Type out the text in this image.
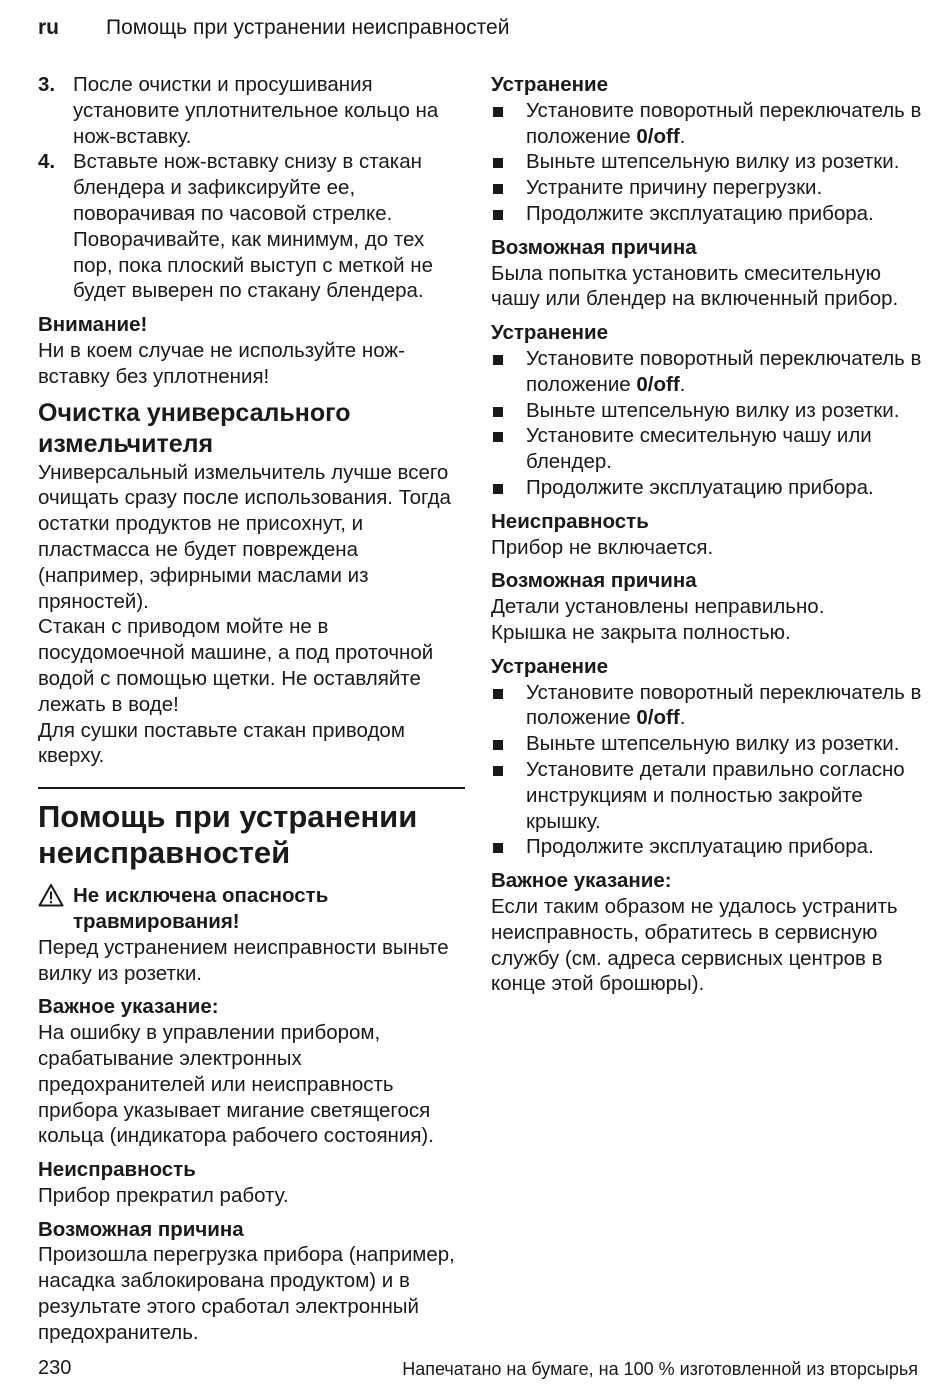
ru Помощь при устранении неисправностей
3. После очистки и просушивания установите уплотнительное кольцо на нож-вставку.
4. Вставьте нож-вставку снизу в стакан блендера и зафиксируйте ее, поворачивая по часовой стрелке. Поворачивайте, как минимум, до тех пор, пока плоский выступ с меткой не будет выверен по стакану блендера.

Внимание!

Ни в коем случае не используйте нож-вставку без уплотнения!

Очистка универсального измельчителя

Универсальный измельчитель лучше всего очищать сразу после использования. Тогда остатки продуктов не присохнут, и пластмасса не будет повреждена (например, эфирными маслами из пряностей).

Стакан с приводом мойте не в посудомоечной машине, а под проточной водой с помощью щетки. Не оставляйте лежать в воде!

Для сушки поставьте стакан приводом кверху.

Помощь при устранении неисправностей

Не исключена опасность травмирования!

Перед устранением неисправности выньте вилку из розетки.

Важное указание:

На ошибку в управлении прибором, срабатывание электронных предохранителей или неисправность прибора указывает мигание светящегося кольца (индикатора рабочего состояния).

Неисправность

Прибор прекратил работу.

Возможная причина

Произошла перегрузка прибора (например, насадка заблокирована продуктом) и в результате этого сработал электронный предохранитель.

Устранение

Установите поворотный переключатель в положение 0/off.
Выньте штепсельную вилку из розетки.
Устраните причину перегрузки.
Продолжите эксплуатацию прибора.

Возможная причина

Была попытка установить смесительную чашу или блендер на включенный прибор.

Устранение

Установите поворотный переключатель в положение 0/off.
Выньте штепсельную вилку из розетки.
Установите смесительную чашу или блендер.
Продолжите эксплуатацию прибора.

Неисправность

Прибор не включается.

Возможная причина

Детали установлены неправильно.

Крышка не закрыта полностью.

Устранение

Установите поворотный переключатель в положение 0/off.
Выньте штепсельную вилку из розетки.
Установите детали правильно согласно инструкциям и полностью закройте крышку.
Продолжите эксплуатацию прибора.

Важное указание:

Если таким образом не удалось устранить неисправность, обратитесь в сервисную службу (см. адреса сервисных центров в конце этой брошюры).

230	Напечатано на бумаге, на 100 % изготовленной из вторсырья
